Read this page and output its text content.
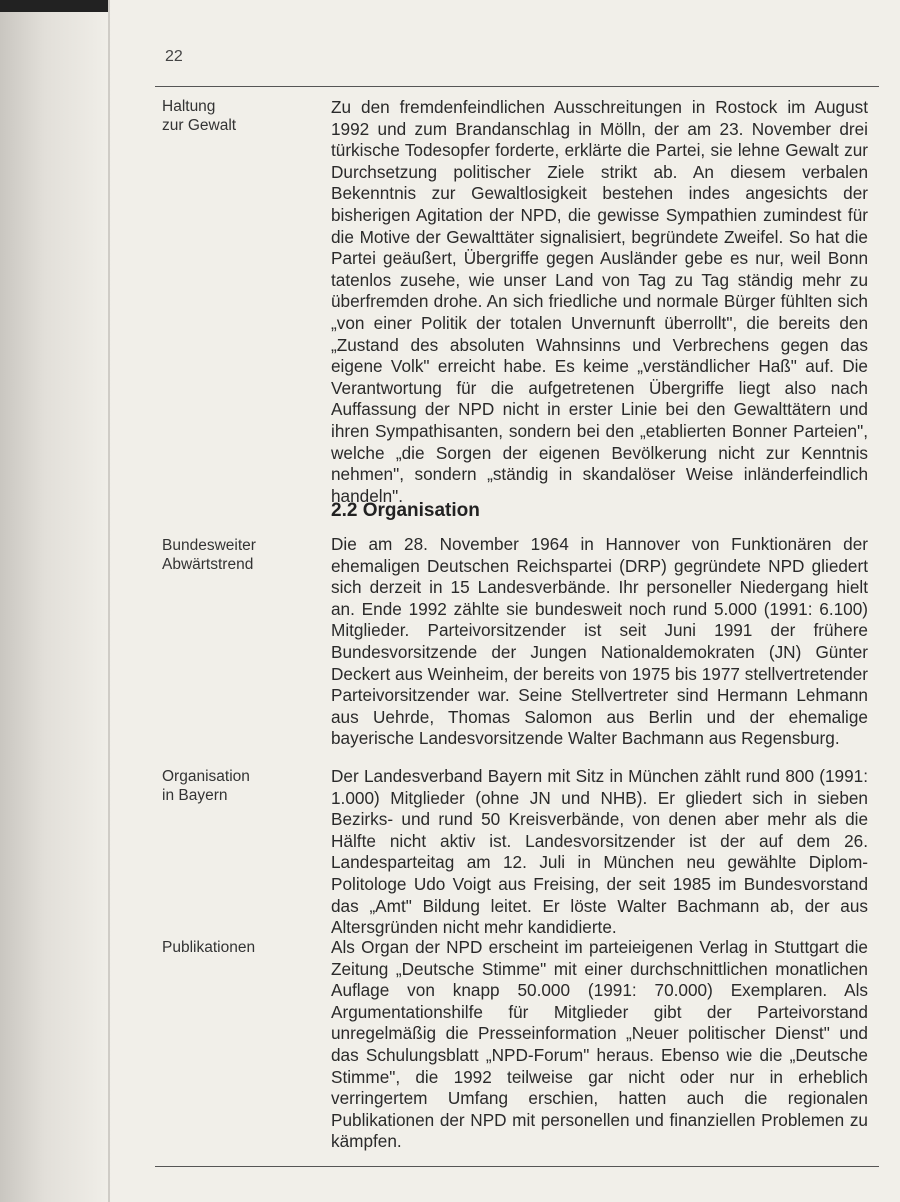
22
Haltung
zur Gewalt

Zu den fremdenfeindlichen Ausschreitungen in Rostock im August 1992 und zum Brandanschlag in Mölln, der am 23. November drei türkische Todesopfer forderte, erklärte die Partei, sie lehne Gewalt zur Durchsetzung politischer Ziele strikt ab. An diesem verbalen Bekenntnis zur Gewaltlosigkeit bestehen indes angesichts der bisherigen Agitation der NPD, die gewisse Sympathien zumindest für die Motive der Gewalttäter signalisiert, begründete Zweifel. So hat die Partei geäußert, Übergriffe gegen Ausländer gebe es nur, weil Bonn tatenlos zusehe, wie unser Land von Tag zu Tag ständig mehr zu überfremden drohe. An sich friedliche und normale Bürger fühlten sich „von einer Politik der totalen Unvernunft überrollt", die bereits den „Zustand des absoluten Wahnsinns und Verbrechens gegen das eigene Volk" erreicht habe. Es keime „verständlicher Haß" auf. Die Verantwortung für die aufgetretenen Übergriffe liegt also nach Auffassung der NPD nicht in erster Linie bei den Gewalttätern und ihren Sympathisanten, sondern bei den „etablierten Bonner Parteien", welche „die Sorgen der eigenen Bevölkerung nicht zur Kenntnis nehmen", sondern „ständig in skandalöser Weise inländerfeindlich handeln".

2.2 Organisation
Bundesweiter
Abwärtstrend

Die am 28. November 1964 in Hannover von Funktionären der ehemaligen Deutschen Reichspartei (DRP) gegründete NPD gliedert sich derzeit in 15 Landesverbände. Ihr personeller Niedergang hielt an. Ende 1992 zählte sie bundesweit noch rund 5.000 (1991: 6.100) Mitglieder. Parteivorsitzender ist seit Juni 1991 der frühere Bundesvorsitzende der Jungen Nationaldemokraten (JN) Günter Deckert aus Weinheim, der bereits von 1975 bis 1977 stellvertretender Parteivorsitzender war. Seine Stellvertreter sind Hermann Lehmann aus Uehrde, Thomas Salomon aus Berlin und der ehemalige bayerische Landesvorsitzende Walter Bachmann aus Regensburg.

Organisation
in Bayern

Der Landesverband Bayern mit Sitz in München zählt rund 800 (1991: 1.000) Mitglieder (ohne JN und NHB). Er gliedert sich in sieben Bezirks- und rund 50 Kreisverbände, von denen aber mehr als die Hälfte nicht aktiv ist. Landesvorsitzender ist der auf dem 26. Landesparteitag am 12. Juli in München neu gewählte Diplom-Politologe Udo Voigt aus Freising, der seit 1985 im Bundesvorstand das „Amt" Bildung leitet. Er löste Walter Bachmann ab, der aus Altersgründen nicht mehr kandidierte.

Publikationen	Als Organ der NPD erscheint im parteieigenen Verlag in Stuttgart die Zeitung „Deutsche Stimme" mit einer durchschnittlichen monatlichen Auflage von knapp 50.000 (1991: 70.000) Exemplaren. Als Argumentationshilfe für Mitglieder gibt der Parteivorstand unregelmäßig die Presseinformation „Neuer politischer Dienst" und das Schulungsblatt „NPD-Forum" heraus. Ebenso wie die „Deutsche Stimme", die 1992 teilweise gar nicht oder nur in erheblich verringertem Umfang erschien, hatten auch die regionalen Publikationen der NPD mit personellen und finanziellen Problemen zu kämpfen.
